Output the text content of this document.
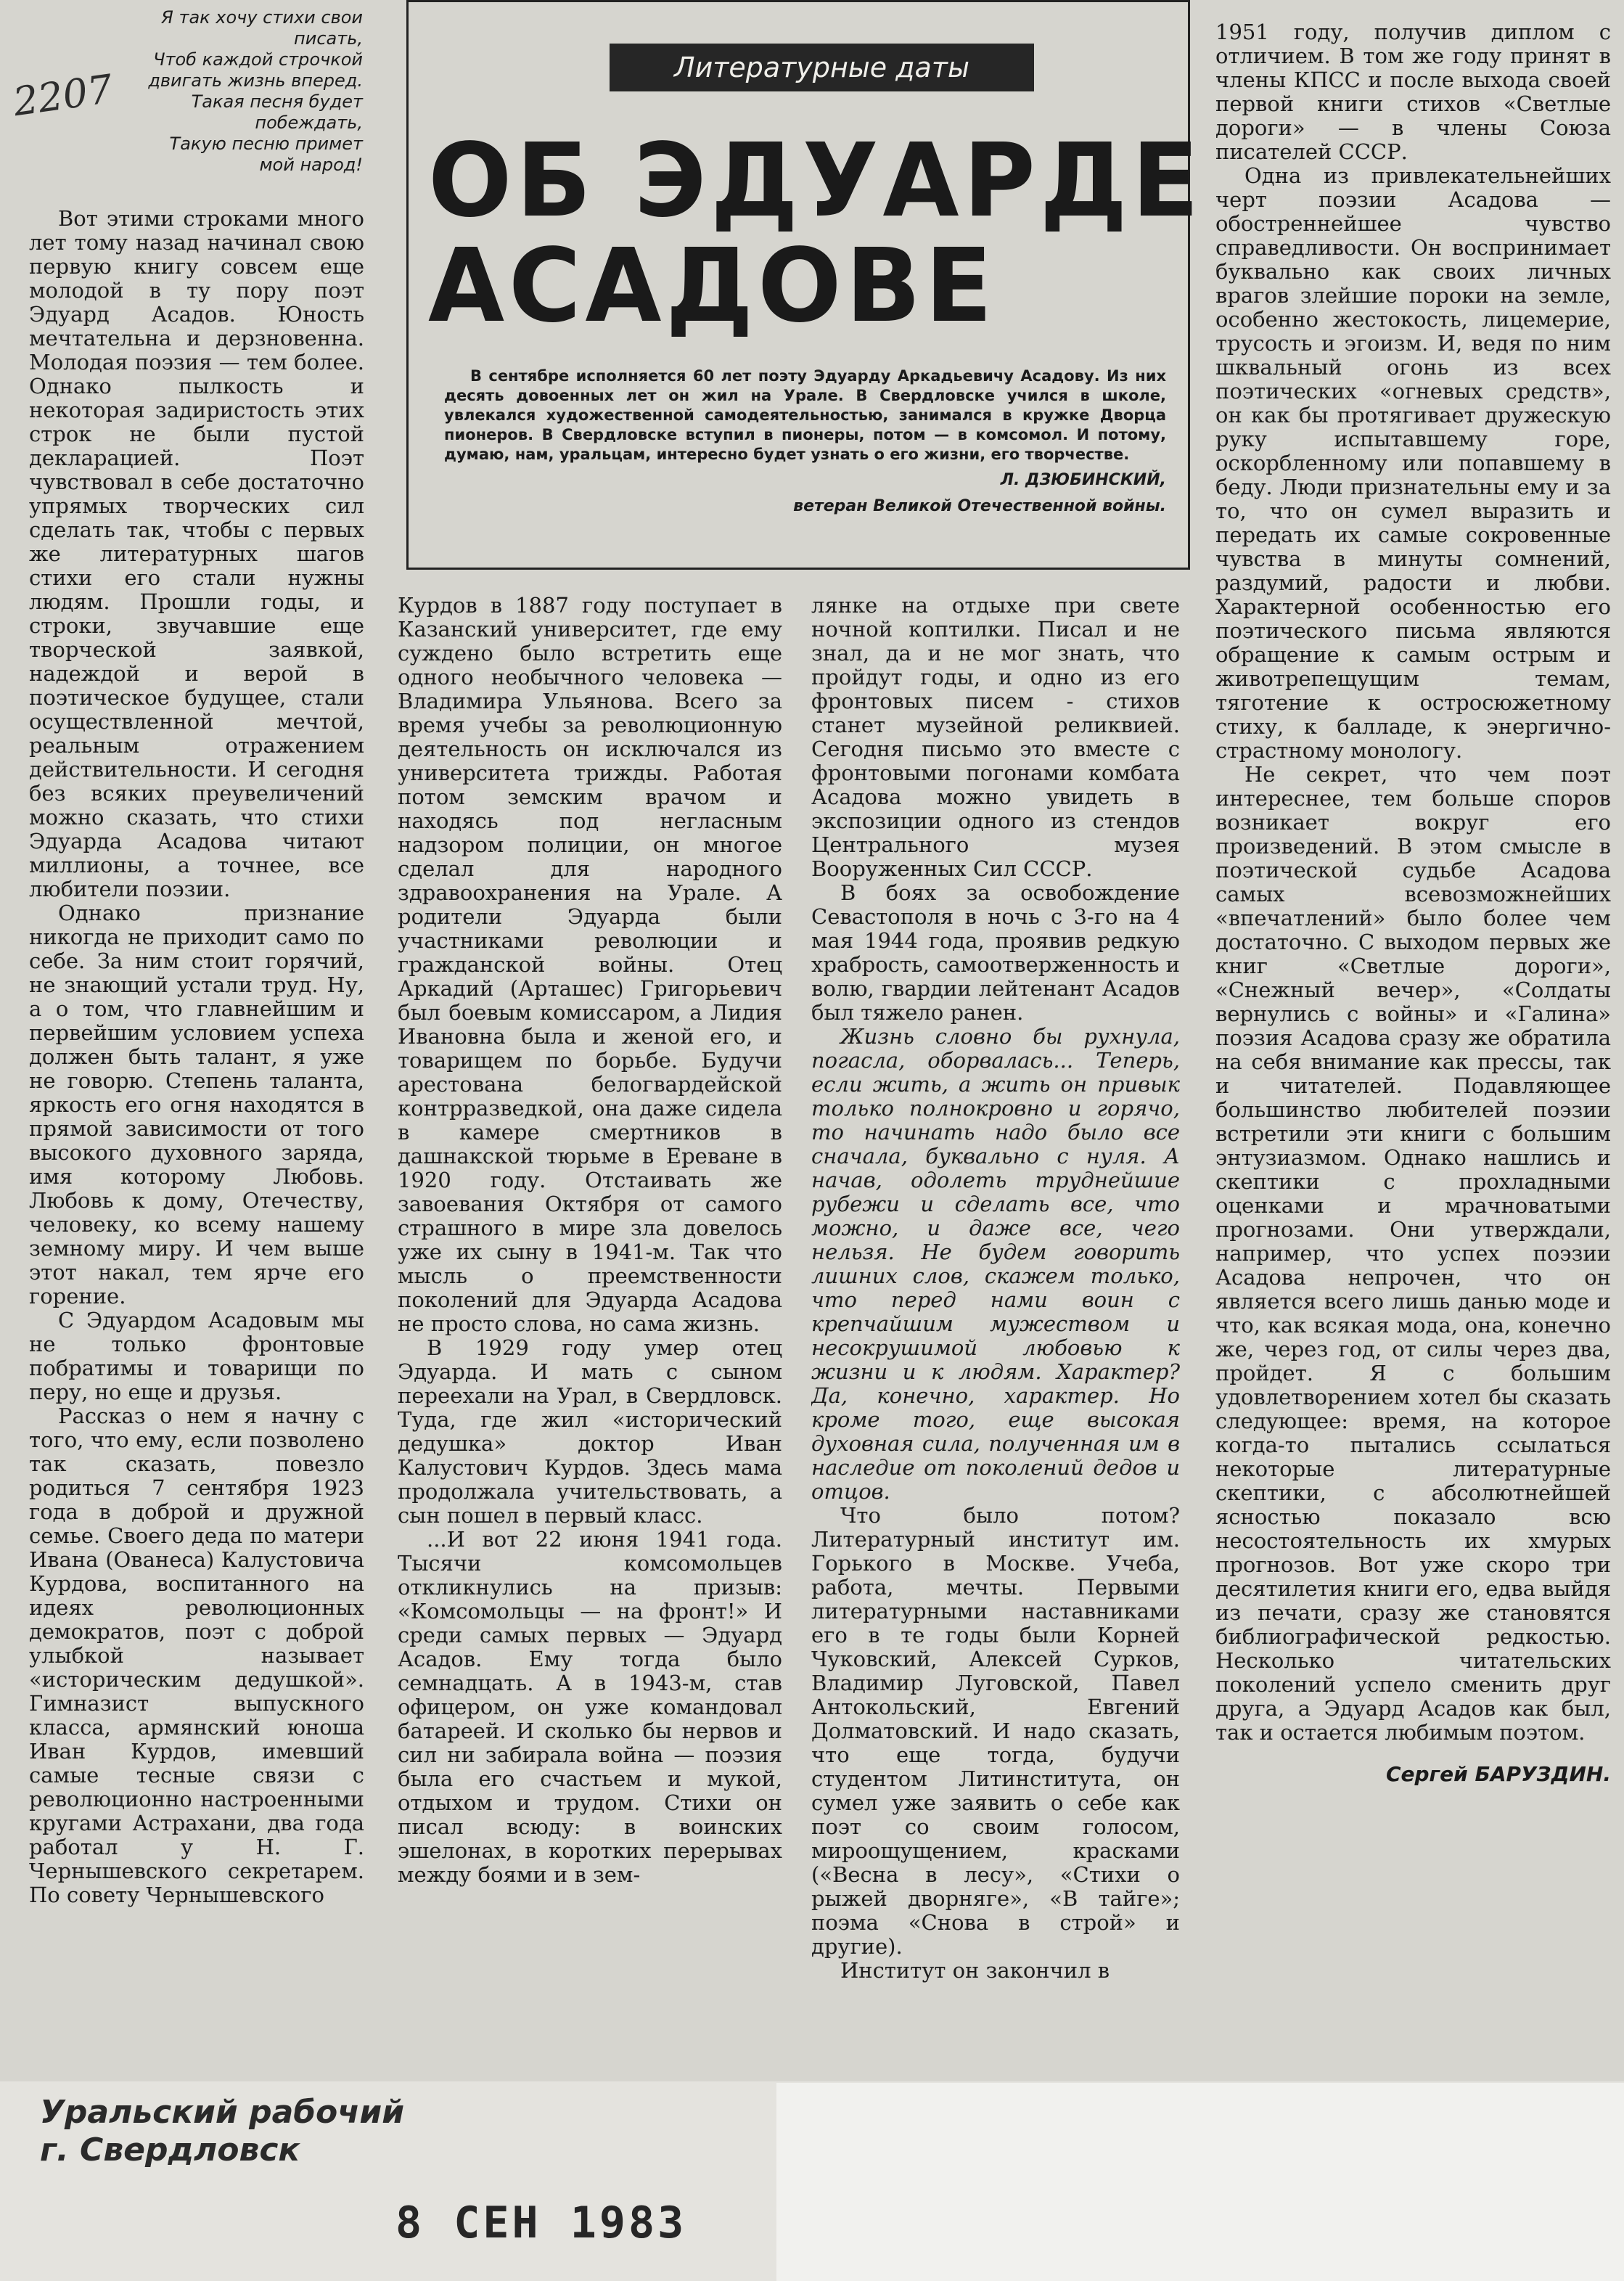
2207
Я так хочу стихи свои
писать,
Чтоб каждой строчкой
двигать жизнь вперед.
Такая песня будет
побеждать,
Такую песню примет
мой народ!
Литературные даты
ОБ ЭДУАРДЕ
АСАДОВЕ

В сентябре исполняется 60 лет поэту Эдуарду Аркадьевичу Асадову. Из них десять довоенных лет он жил на Урале. В Свердловске учился в школе, увлекался художественной самодеятельностью, занимался в кружке Дворца пионеров. В Свердловске вступил в пионеры, потом — в комсомол. И потому, думаю, нам, уральцам, интересно будет узнать о его жизни, его творчестве.

Л. ДЗЮБИНСКИЙ,
ветеран Великой Отечественной войны.

Вот этими строками много лет тому назад начинал свою первую книгу совсем еще молодой в ту пору поэт Эдуард Асадов. Юность мечтательна и дерзновенна. Молодая поэзия — тем более. Однако пылкость и некоторая задиристость этих строк не были пустой декларацией. Поэт чувствовал в себе достаточно упрямых творческих сил сделать так, чтобы с первых же литературных шагов стихи его стали нужны людям. Прошли годы, и строки, звучавшие еще творческой заявкой, надеждой и верой в поэтическое будущее, стали осуществленной мечтой, реальным отражением действительности. И сегодня без всяких преувеличений можно сказать, что стихи Эдуарда Асадова читают миллионы, а точнее, все любители поэзии.

Однако признание никогда не приходит само по себе. За ним стоит горячий, не знающий устали труд. Ну, а о том, что главнейшим и первейшим условием успеха должен быть талант, я уже не говорю. Степень таланта, яркость его огня находятся в прямой зависимости от того высокого духовного заряда, имя которому Любовь. Любовь к дому, Отечеству, человеку, ко всему нашему земному миру. И чем выше этот накал, тем ярче его горение.

С Эдуардом Асадовым мы не только фронтовые побратимы и товарищи по перу, но еще и друзья.

Рассказ о нем я начну с того, что ему, если позволено так сказать, повезло родиться 7 сентября 1923 года в доброй и дружной семье. Своего деда по матери Ивана (Ованеса) Калустовича Курдова, воспитанного на идеях революционных демократов, поэт с доброй улыбкой называет «историческим дедушкой». Гимназист выпускного класса, армянский юноша Иван Курдов, имевший самые тесные связи с революционно настроенными кругами Астрахани, два года работал у Н. Г. Чернышевского секретарем. По совету Чернышевского

Курдов в 1887 году поступает в Казанский университет, где ему суждено было встретить еще одного необычного человека — Владимира Ульянова. Всего за время учебы за революционную деятельность он исключался из университета трижды. Работая потом земским врачом и находясь под негласным надзором полиции, он многое сделал для народного здравоохранения на Урале. А родители Эдуарда были участниками революции и гражданской войны. Отец Аркадий (Арташес) Григорьевич был боевым комиссаром, а Лидия Ивановна была и женой его, и товарищем по борьбе. Будучи арестована белогвардейской контрразведкой, она даже сидела в камере смертников в дашнакской тюрьме в Ереване в 1920 году. Отстаивать же завоевания Октября от самого страшного в мире зла довелось уже их сыну в 1941-м. Так что мысль о преемственности поколений для Эдуарда Асадова не просто слова, но сама жизнь.

В 1929 году умер отец Эдуарда. И мать с сыном переехали на Урал, в Свердловск. Туда, где жил «исторический дедушка» доктор Иван Калустович Курдов. Здесь мама продолжала учительствовать, а сын пошел в первый класс.

...И вот 22 июня 1941 года. Тысячи комсомольцев откликнулись на призыв: «Комсомольцы — на фронт!» И среди самых первых — Эдуард Асадов. Ему тогда было семнадцать. А в 1943-м, став офицером, он уже командовал батареей. И сколько бы нервов и сил ни забирала война — поэзия была его счастьем и мукой, отдыхом и трудом. Стихи он писал всюду: в воинских эшелонах, в коротких перерывах между боями и в зем-

лянке на отдыхе при свете ночной коптилки. Писал и не знал, да и не мог знать, что пройдут годы, и одно из его фронтовых писем - стихов станет музейной реликвией. Сегодня письмо это вместе с фронтовыми погонами комбата Асадова можно увидеть в экспозиции одного из стендов Центрального музея Вооруженных Сил СССР.

В боях за освобождение Севастополя в ночь с 3-го на 4 мая 1944 года, проявив редкую храбрость, самоотверженность и волю, гвардии лейтенант Асадов был тяжело ранен.

Жизнь словно бы рухнула, погасла, оборвалась... Теперь, если жить, а жить он привык только полнокровно и горячо, то начинать надо было все сначала, буквально с нуля. А начав, одолеть труднейшие рубежи и сделать все, что можно, и даже все, чего нельзя. Не будем говорить лишних слов, скажем только, что перед нами воин с крепчайшим мужеством и несокрушимой любовью к жизни и к людям. Характер? Да, конечно, характер. Но кроме того, еще высокая духовная сила, полученная им в наследие от поколений дедов и отцов.

Что было потом? Литературный институт им. Горького в Москве. Учеба, работа, мечты. Первыми литературными наставниками его в те годы были Корней Чуковский, Алексей Сурков, Владимир Луговской, Павел Антокольский, Евгений Долматовский. И надо сказать, что еще тогда, будучи студентом Литинститута, он сумел уже заявить о себе как поэт со своим голосом, мироощущением, красками («Весна в лесу», «Стихи о рыжей дворняге», «В тайге»; поэма «Снова в строй» и другие).

Институт он закончил в

1951 году, получив диплом с отличием. В том же году принят в члены КПСС и после выхода своей первой книги стихов «Светлые дороги» — в члены Союза писателей СССР.

Одна из привлекательнейших черт поэзии Асадова — обостреннейшее чувство справедливости. Он воспринимает буквально как своих личных врагов злейшие пороки на земле, особенно жестокость, лицемерие, трусость и эгоизм. И, ведя по ним шквальный огонь из всех поэтических «огневых средств», он как бы протягивает дружескую руку испытавшему горе, оскорбленному или попавшему в беду. Люди признательны ему и за то, что он сумел выразить и передать их самые сокровенные чувства в минуты сомнений, раздумий, радости и любви. Характерной особенностью его поэтического письма являются обращение к самым острым и животрепещущим темам, тяготение к остросюжетному стиху, к балладе, к энергично-страстному монологу.

Не секрет, что чем поэт интереснее, тем больше споров возникает вокруг его произведений. В этом смысле в поэтической судьбе Асадова самых всевозможнейших «впечатлений» было более чем достаточно. С выходом первых же книг «Светлые дороги», «Снежный вечер», «Солдаты вернулись с войны» и «Галина» поэзия Асадова сразу же обратила на себя внимание как прессы, так и читателей. Подавляющее большинство любителей поэзии встретили эти книги с большим энтузиазмом. Однако нашлись и скептики с прохладными оценками и мрачноватыми прогнозами. Они утверждали, например, что успех поэзии Асадова непрочен, что он является всего лишь данью моде и что, как всякая мода, она, конечно же, через год, от силы через два, пройдет. Я с большим удовлетворением хотел бы сказать следующее: время, на которое когда-то пытались ссылаться некоторые литературные скептики, с абсолютнейшей ясностью показало всю несостоятельность их хмурых прогнозов. Вот уже скоро три десятилетия книги его, едва выйдя из печати, сразу же становятся библиографической редкостью. Несколько читательских поколений успело сменить друг друга, а Эдуард Асадов как был, так и остается любимым поэтом.

Сергей БАРУЗДИН.
Уральский рабочий
г. Свердловск
8 СЕН 1983
